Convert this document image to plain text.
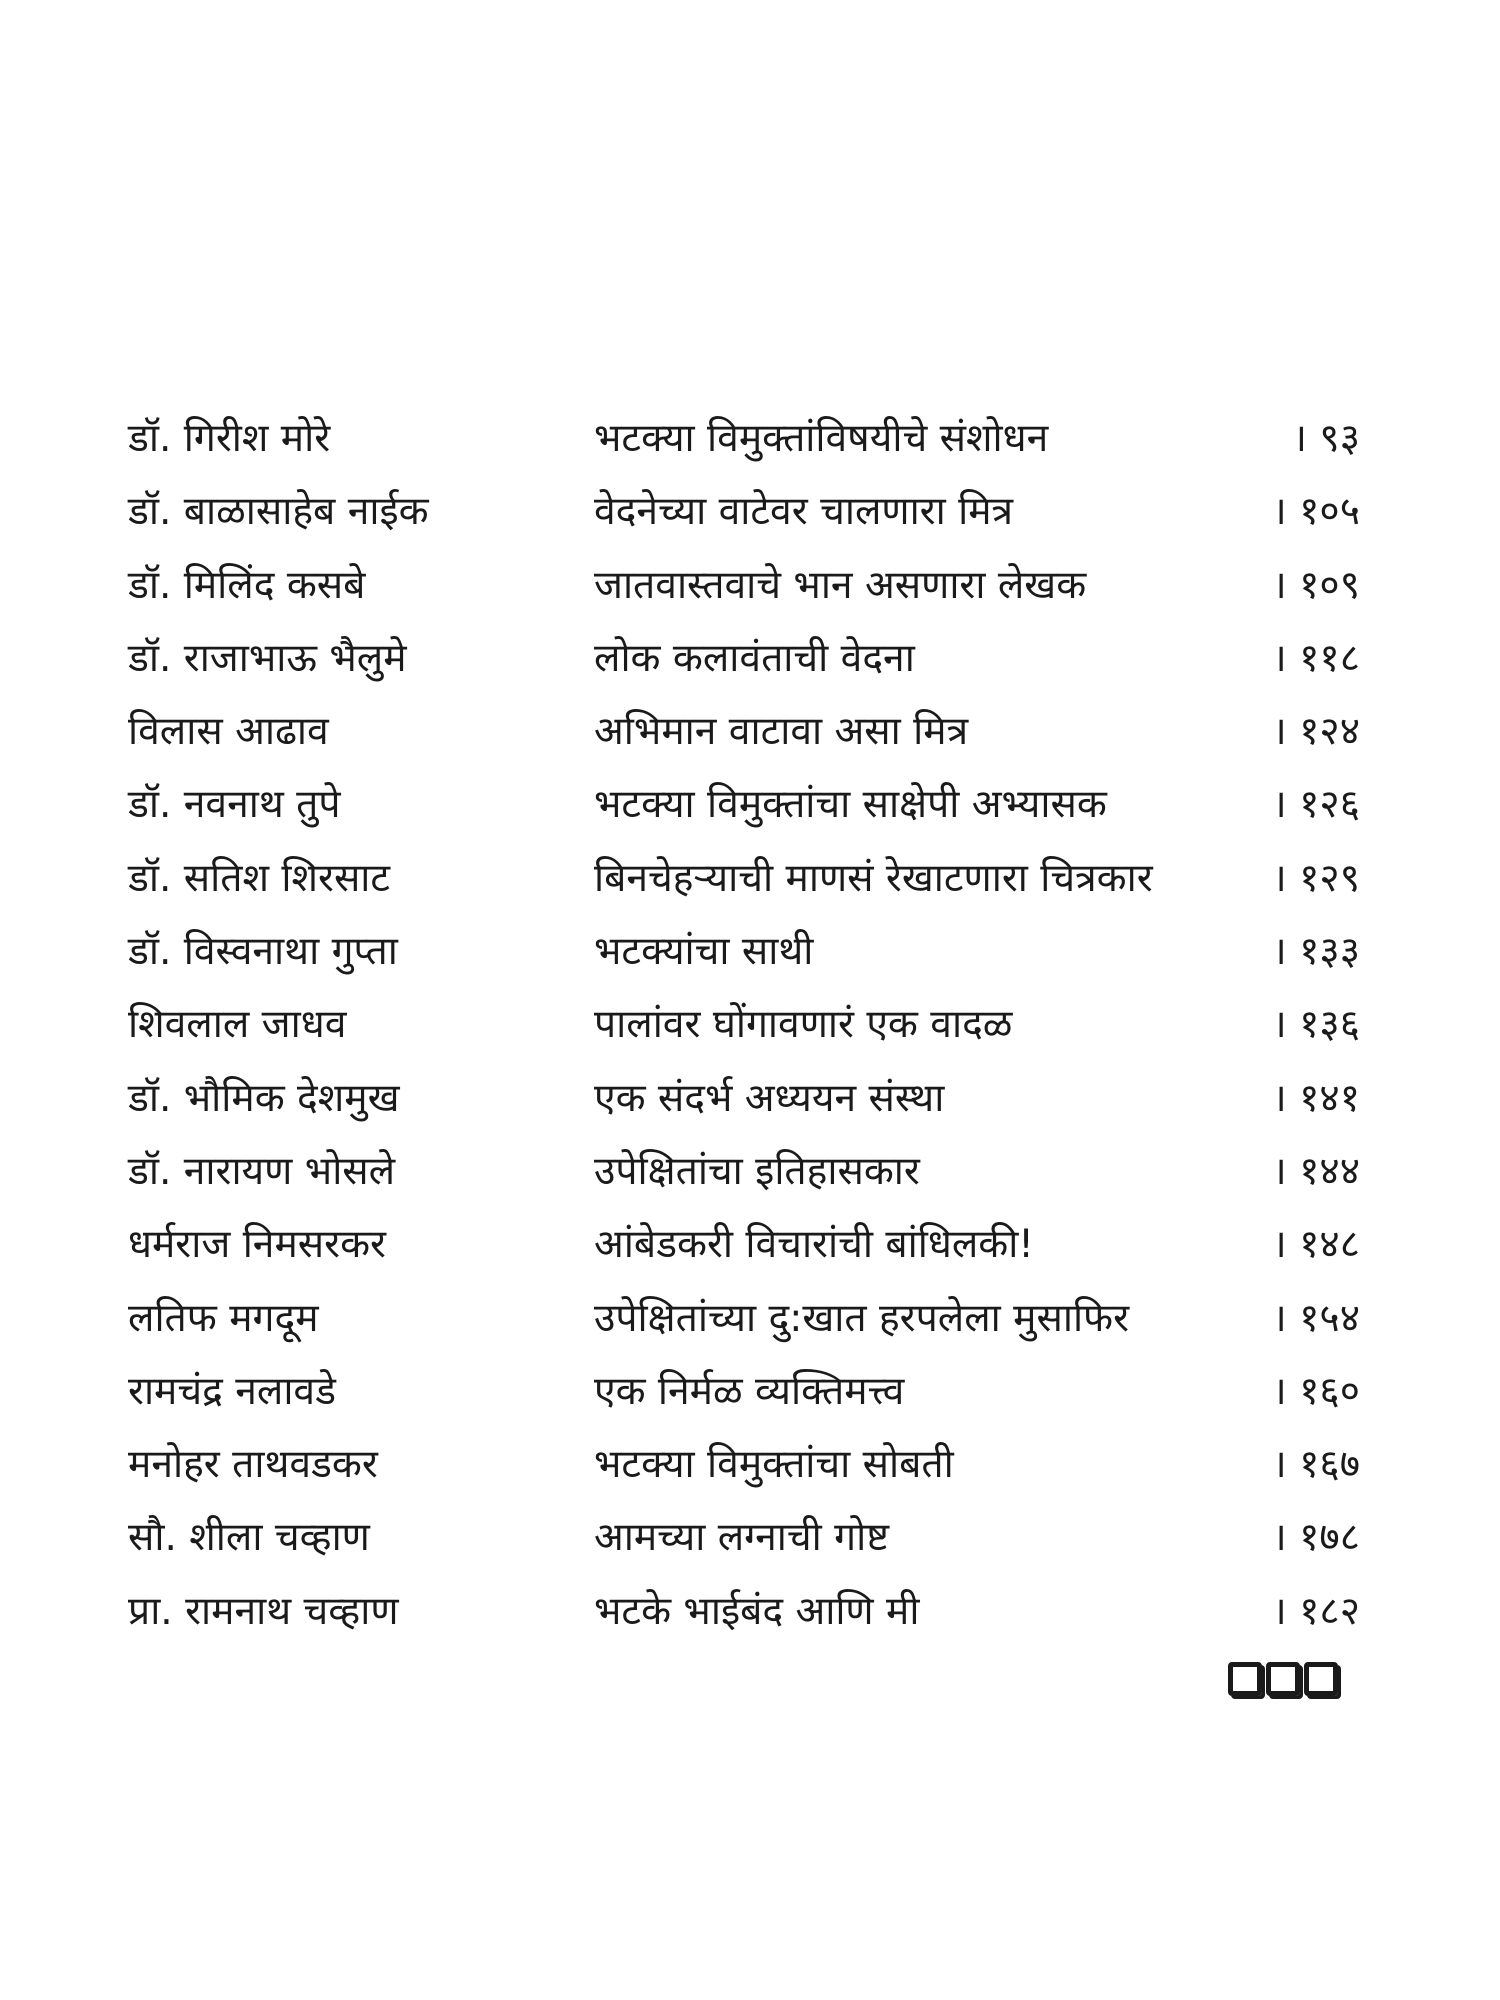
डॉ. गिरीश मोरे	भटक्या विमुक्तांविषयीचे संशोधन	। ९३
डॉ. बाळासाहेब नाईक	वेदनेच्या वाटेवर चालणारा मित्र	। १०५
डॉ. मिलिंद कसबे	जातवास्तवाचे भान असणारा लेखक	। १०९
डॉ. राजाभाऊ भैलुमे	लोक कलावंताची वेदना	। ११८
विलास आढाव	अभिमान वाटावा असा मित्र	। १२४
डॉ. नवनाथ तुपे	भटक्या विमुक्तांचा साक्षेपी अभ्यासक	। १२६
डॉ. सतिश शिरसाट	बिनचेहऱ्याची माणसं रेखाटणारा चित्रकार	। १२९
डॉ. विस्वनाथा गुप्ता	भटक्यांचा साथी	। १३३
शिवलाल जाधव	पालांवर घोंगावणारं एक वादळ	। १३६
डॉ. भौमिक देशमुख	एक संदर्भ अध्ययन संस्था	। १४१
डॉ. नारायण भोसले	उपेक्षितांचा इतिहासकार	। १४४
धर्मराज निमसरकर	आंबेडकरी विचारांची बांधिलकी!	। १४८
लतिफ मगदूम	उपेक्षितांच्या दु:खात हरपलेला मुसाफिर	। १५४
रामचंद्र नलावडे	एक निर्मळ व्यक्तिमत्त्व	। १६०
मनोहर ताथवडकर	भटक्या विमुक्तांचा सोबती	। १६७
सौ. शीला चव्हाण	आमच्या लग्नाची गोष्ट	। १७८
प्रा. रामनाथ चव्हाण	भटके भाईबंद आणि मी	। १८२
